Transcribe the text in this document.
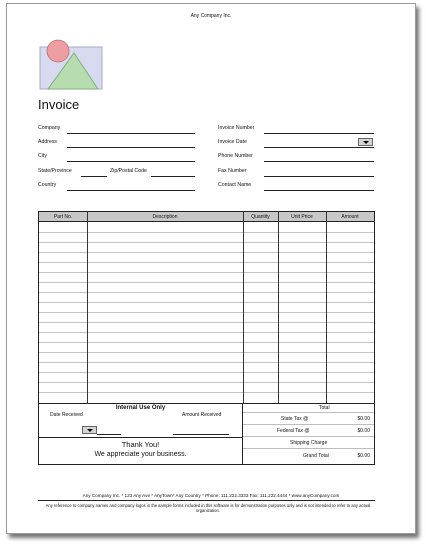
Any Company Inc.
Invoice
Company
Address
City
State/Province	Zip/Postal Code
Country
Invoice Number
Invoice Date
Phone Number
Fax Number
Contact Name
Part No.	Description	Quantity	Unit Price	Amount
Internal Use Only
Date Received	Amount Received
Thank You!
We appreciate your business.
Total
State Tax @	$0.00
Federal Tax @	$0.00
Shipping Charge
Grand Total	$0.00
Any Company Inc. * 123 Any Ave * AnyTown* Any Country * Phone: 111.222.3333 Fax: 111.222.4444 * www.anyCompany.com
Any reference to company names and company logos in the sample forms included in this software is for demonstration purposes only and is not intended to refer to any actual organization.
